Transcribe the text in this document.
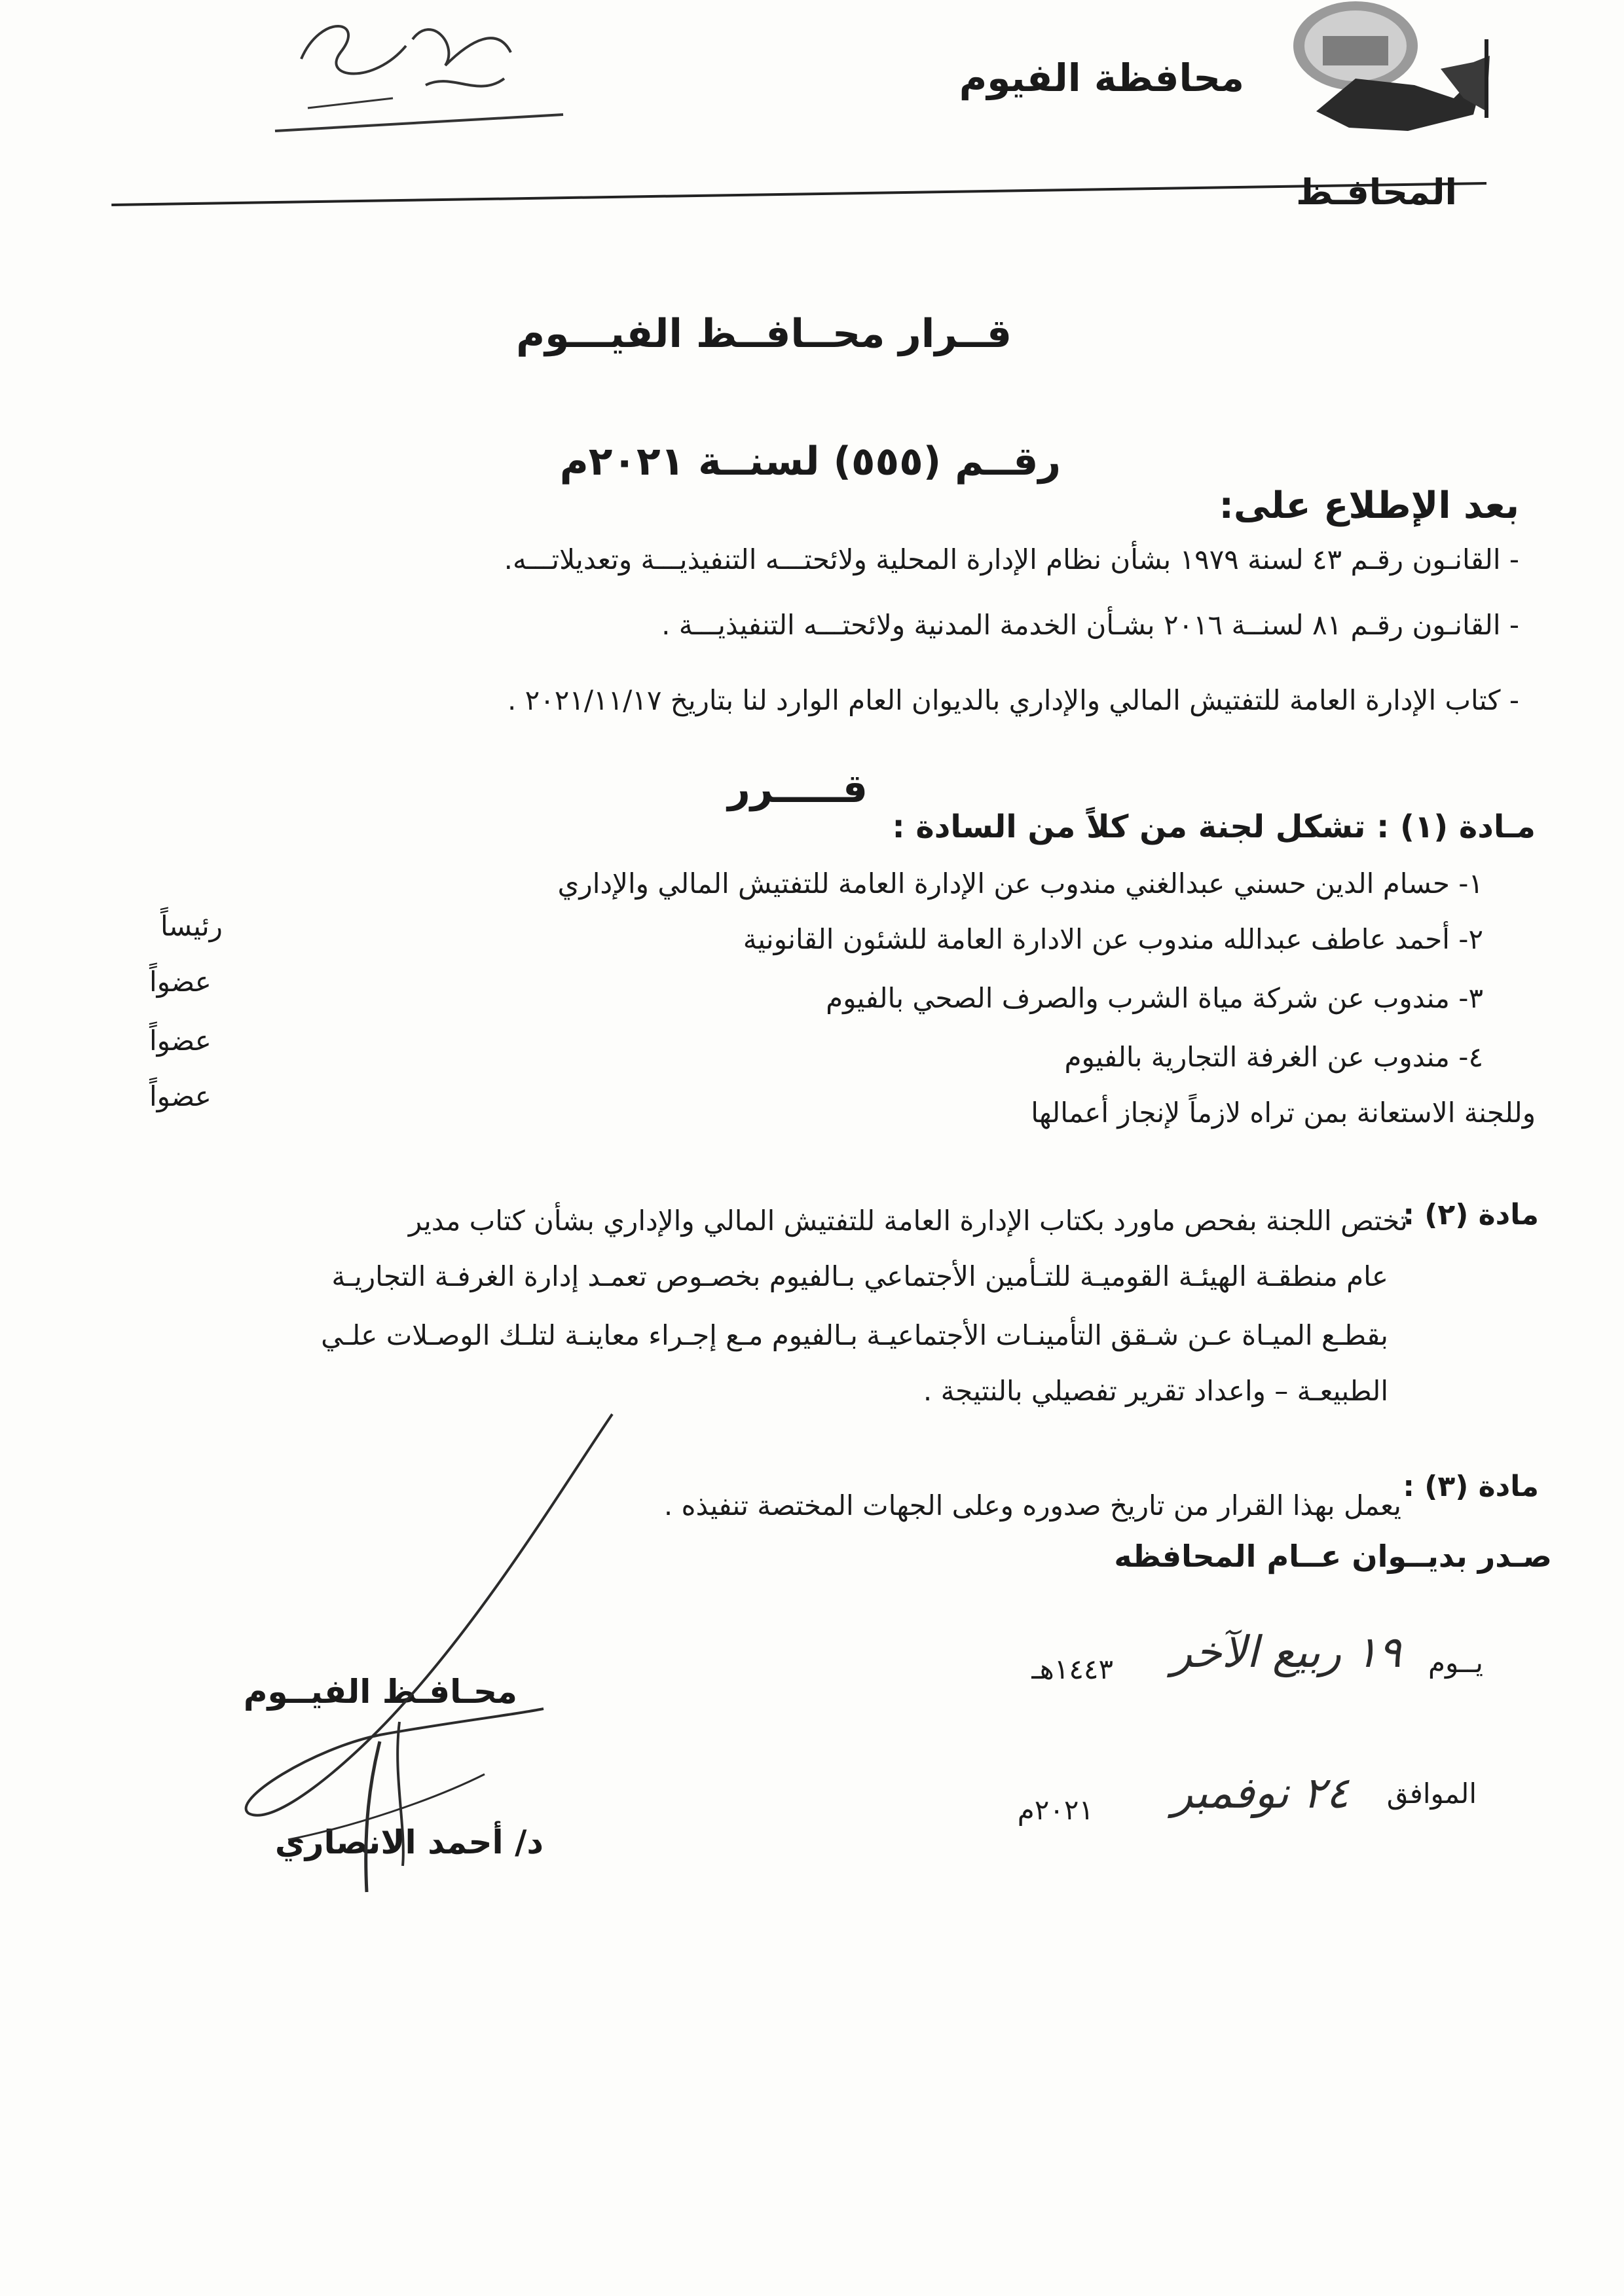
محافظة الفيوم
المحافـظ
قــرار محــافــظ الفيـــوم
رقــم (٥٥٥) لسنــة ٢٠٢١م
بعد الإطلاع على:
- القانـون رقـم ٤٣ لسنة ١٩٧٩ بشأن نظام الإدارة المحلية ولائحتـــه التنفيذيـــة وتعديلاتـــه.
- القانـون رقـم ٨١ لسنــة ٢٠١٦ بشـأن الخدمة المدنية ولائحتـــه التنفيذيـــة .
- كتاب الإدارة العامة للتفتيش المالي والإداري بالديوان العام الوارد لنا بتاريخ ٢٠٢١/١١/١٧ .
قـــــرر
مـادة (١) : تشكل لجنة من كلاً من السادة :
١- حسام الدين حسني عبدالغني مندوب عن الإدارة العامة للتفتيش المالي والإداري
رئيساً	٢- أحمد عاطف عبدالله مندوب عن الادارة العامة للشئون القانونية
عضواً
٣- مندوب عن شركة مياة الشرب والصرف الصحي بالفيوم
عضواً
٤- مندوب عن الغرفة التجارية بالفيوم
عضواً
وللجنة الاستعانة بمن تراه لازماً لإنجاز أعمالها
مادة (٢) :
تختص اللجنة بفحص ماورد بكتاب الإدارة العامة للتفتيش المالي والإداري بشأن كتاب مدير
عام منطقـة الهيئـة القوميـة للتـأمين الأجتماعي بـالفيوم بخصـوص تعمـد إدارة الغرفـة التجاريـة
بقطـع الميـاة عـن شـقق التأمينـات الأجتماعيـة بـالفيوم مـع إجـراء معاينـة لتلـك الوصـلات علـي
الطبيعـة – واعداد تقرير تفصيلي بالنتيجة .
مادة (٣) :
يعمل بهذا القرار من تاريخ صدوره وعلى الجهات المختصة تنفيذه .
صـدر بديــوان عــام المحافظه
يــوم
١٩ ربيع الآخر
١٤٤٣هـ
الموافق
٢٤ نوفمبر
٢٠٢١م
محـافـظ الفيــوم
د/ أحمد الانصاري
